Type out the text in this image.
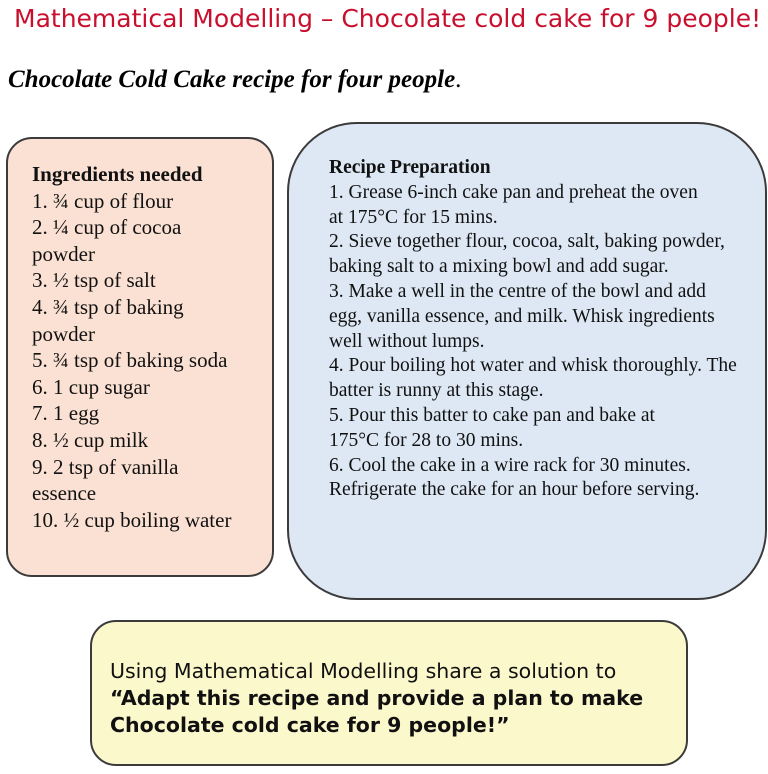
Mathematical Modelling – Chocolate cold cake for 9 people!
Chocolate Cold Cake recipe for four people.
Ingredients needed
1. ¾ cup of flour
2. ¼ cup of cocoa powder
3. ½ tsp of salt
4. ¾ tsp of baking powder
5. ¾ tsp of baking soda
6. 1 cup sugar
7. 1 egg
8. ½ cup milk
9. 2 tsp of vanilla essence
10. ½ cup boiling water
Recipe Preparation
1. Grease 6-inch cake pan and preheat the oven at 175°C for 15 mins.
2. Sieve together flour, cocoa, salt, baking powder, baking salt to a mixing bowl and add sugar.
3. Make a well in the centre of the bowl and add egg, vanilla essence, and milk. Whisk ingredients well without lumps.
4. Pour boiling hot water and whisk thoroughly. The batter is runny at this stage.
5. Pour this batter to cake pan and bake at 175°C for 28 to 30 mins.
6. Cool the cake in a wire rack for 30 minutes. Refrigerate the cake for an hour before serving.
Using Mathematical Modelling share a solution to
“Adapt this recipe and provide a plan to make Chocolate cold cake for 9 people!”
